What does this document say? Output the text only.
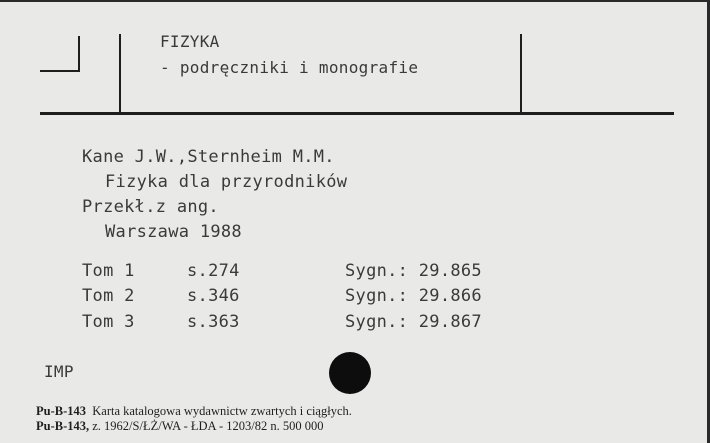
FIZYKA
- podręczniki i monografie
Kane J.W.,Sternheim M.M.
Fizyka dla przyrodników
Przekł.z ang.
Warszawa 1988
Tom 1	s.274	Sygn.: 29.865
Tom 2	s.346	Sygn.: 29.866
Tom 3	s.363	Sygn.: 29.867
IMP
Pu-B-143 Karta katalogowa wydawnictw zwartych i ciągłych.
Pu-B-143, z. 1962/S/ŁŻ/WA - ŁDA - 1203/82 n. 500 000
